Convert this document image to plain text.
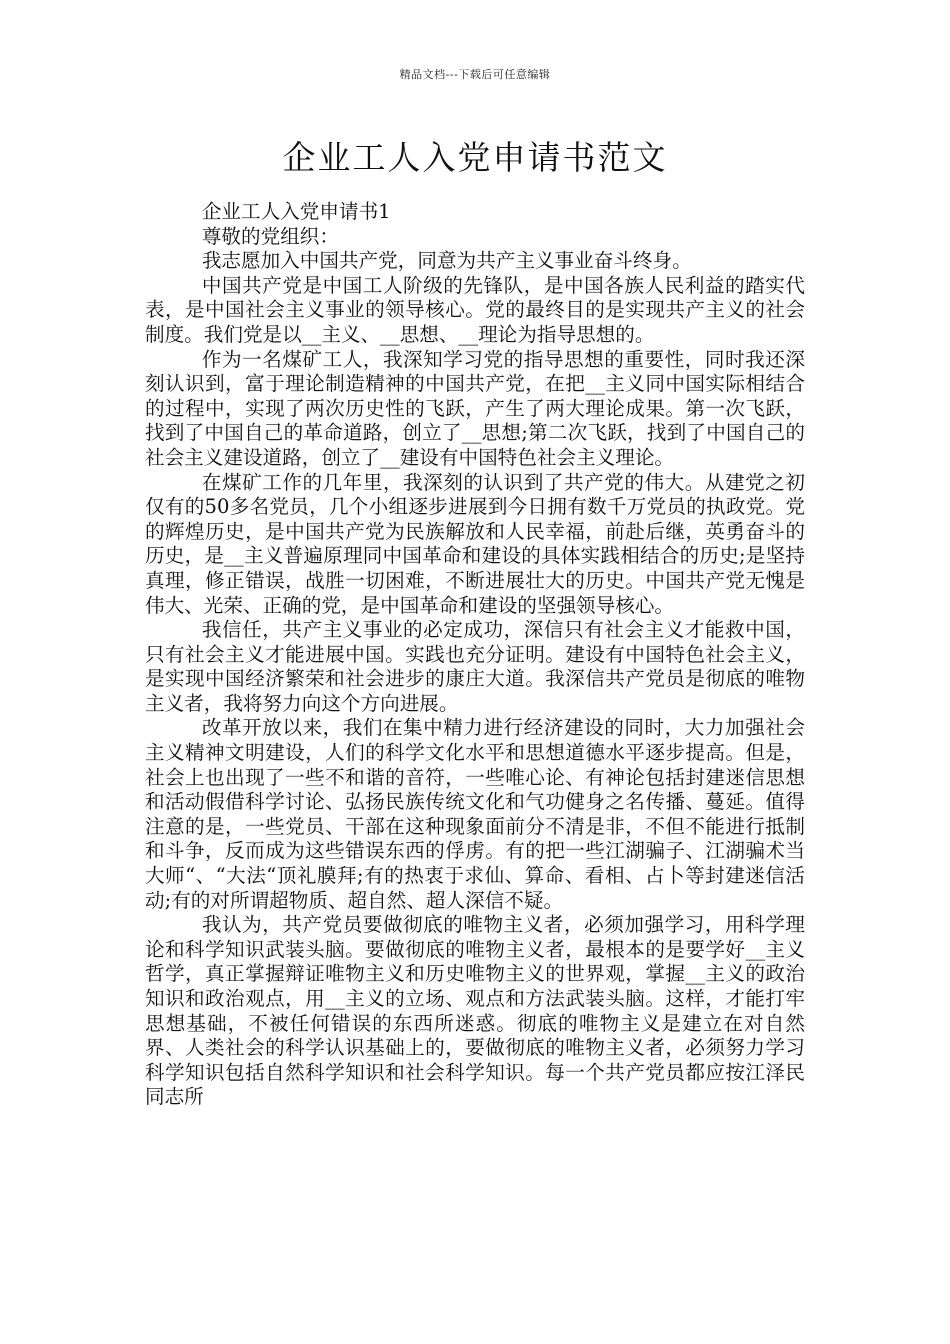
精品文档---下载后可任意编辑
企业工人入党申请书范文

企业工人入党申请书1

尊敬的党组织：

我志愿加入中国共产党，同意为共产主义事业奋斗终身。

中国共产党是中国工人阶级的先锋队，是中国各族人民利益的踏实代表，是中国社会主义事业的领导核心。党的最终目的是实现共产主义的社会制度。我们党是以__主义、__思想、__理论为指导思想的。

作为一名煤矿工人，我深知学习党的指导思想的重要性，同时我还深刻认识到，富于理论制造精神的中国共产党，在把__主义同中国实际相结合的过程中，实现了两次历史性的飞跃，产生了两大理论成果。第一次飞跃，找到了中国自己的革命道路，创立了__思想;第二次飞跃，找到了中国自己的社会主义建设道路，创立了__建设有中国特色社会主义理论。

在煤矿工作的几年里，我深刻的认识到了共产党的伟大。从建党之初仅有的50多名党员，几个小组逐步进展到今日拥有数千万党员的执政党。党的辉煌历史，是中国共产党为民族解放和人民幸福，前赴后继，英勇奋斗的历史，是__主义普遍原理同中国革命和建设的具体实践相结合的历史;是坚持真理，修正错误，战胜一切困难，不断进展壮大的历史。中国共产党无愧是伟大、光荣、正确的党，是中国革命和建设的坚强领导核心。

我信任，共产主义事业的必定成功，深信只有社会主义才能救中国，只有社会主义才能进展中国。实践也充分证明。建设有中国特色社会主义，是实现中国经济繁荣和社会进步的康庄大道。我深信共产党员是彻底的唯物主义者，我将努力向这个方向进展。

改革开放以来，我们在集中精力进行经济建设的同时，大力加强社会主义精神文明建设，人们的科学文化水平和思想道德水平逐步提高。但是，社会上也出现了一些不和谐的音符，一些唯心论、有神论包括封建迷信思想和活动假借科学讨论、弘扬民族传统文化和气功健身之名传播、蔓延。值得注意的是，一些党员、干部在这种现象面前分不清是非，不但不能进行抵制和斗争，反而成为这些错误东西的俘虏。有的把一些江湖骗子、江湖骗术当大师“、“大法“顶礼膜拜;有的热衷于求仙、算命、看相、占卜等封建迷信活动;有的对所谓超物质、超自然、超人深信不疑。

我认为，共产党员要做彻底的唯物主义者，必须加强学习，用科学理论和科学知识武装头脑。要做彻底的唯物主义者，最根本的是要学好__主义哲学，真正掌握辩证唯物主义和历史唯物主义的世界观，掌握__主义的政治知识和政治观点，用__主义的立场、观点和方法武装头脑。这样，才能打牢思想基础，不被任何错误的东西所迷惑。彻底的唯物主义是建立在对自然界、人类社会的科学认识基础上的，要做彻底的唯物主义者，必须努力学习科学知识包括自然科学知识和社会科学知识。每一个共产党员都应按江泽民同志所
